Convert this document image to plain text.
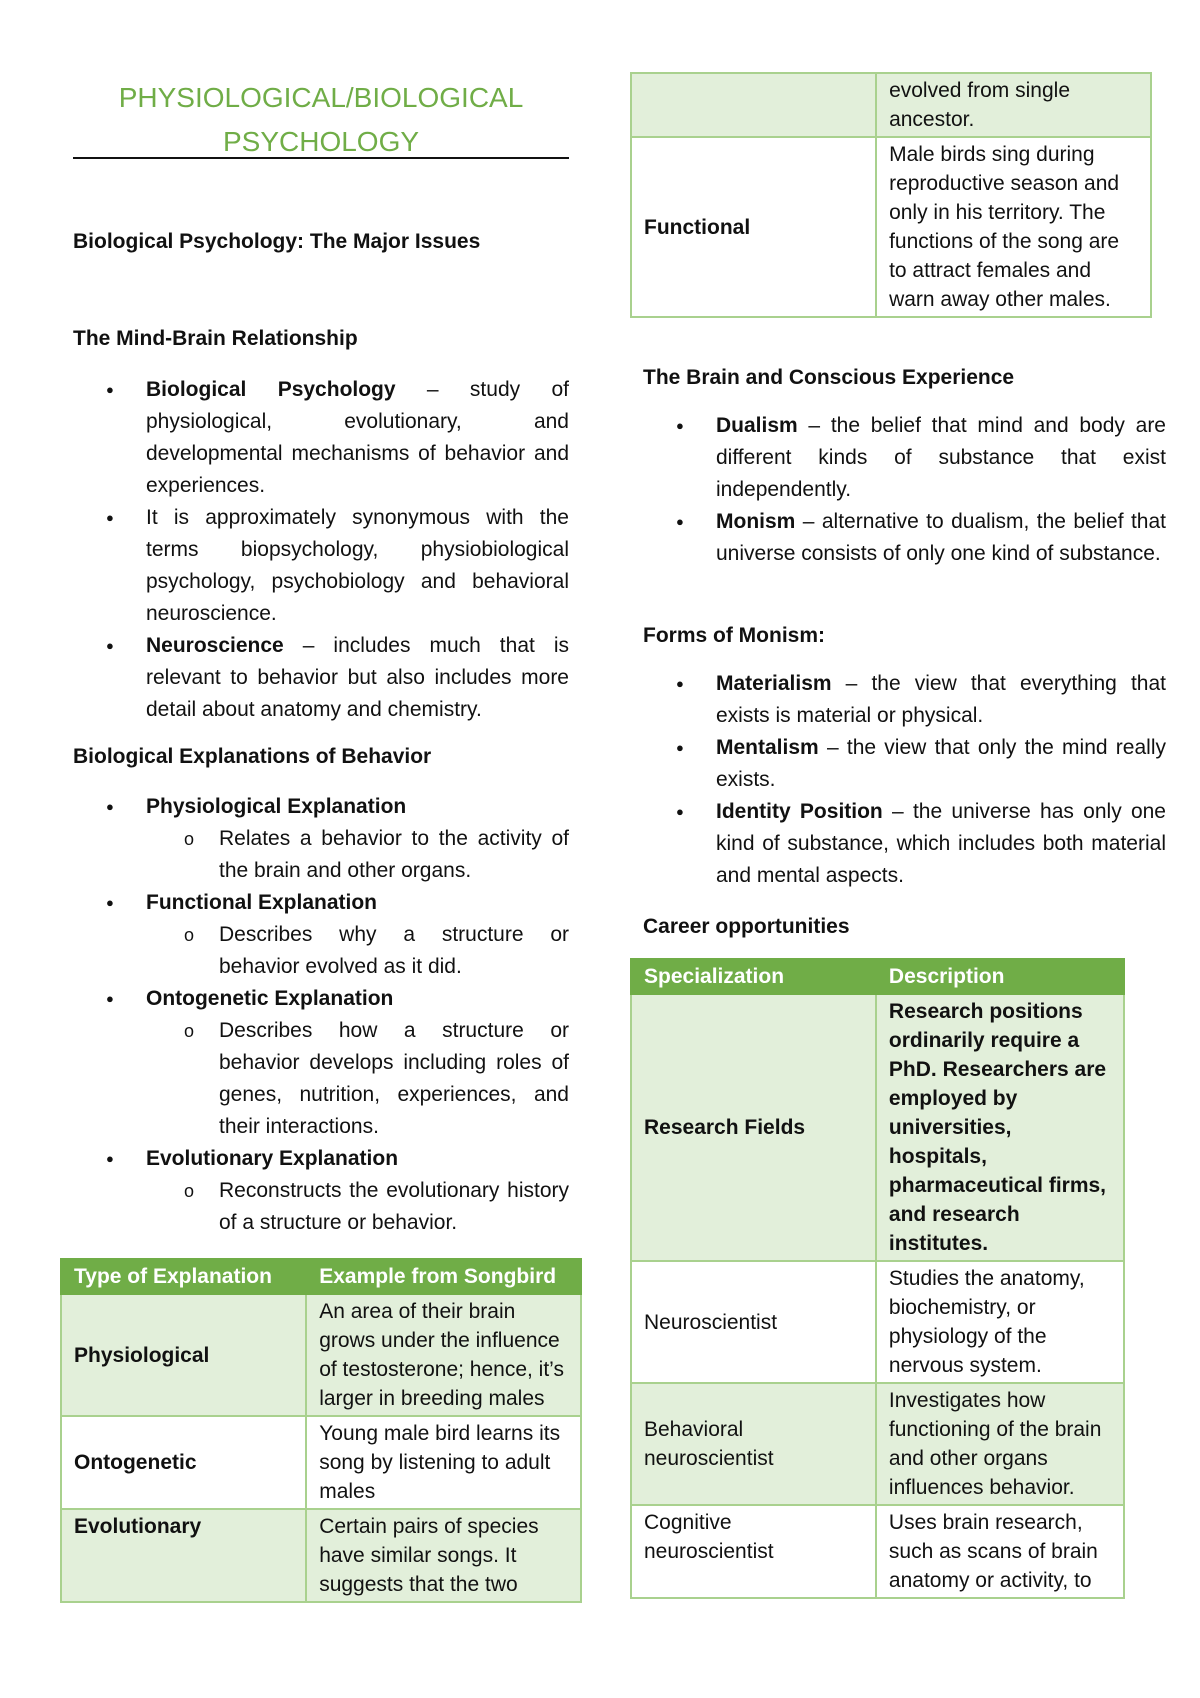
PHYSIOLOGICAL/BIOLOGICAL
PSYCHOLOGY
Biological Psychology: The Major Issues
The Mind-Brain Relationship
● Biological Psychology – study of physiological, evolutionary, and developmental mechanisms of behavior and experiences.
● It is approximately synonymous with the terms biopsychology, physiobiological psychology, psychobiology and behavioral neuroscience.
● Neuroscience – includes much that is relevant to behavior but also includes more detail about anatomy and chemistry.
Biological Explanations of Behavior
● Physiological Explanation
o Relates a behavior to the activity of the brain and other organs.
● Functional Explanation
o Describes why a structure or behavior evolved as it did.
● Ontogenetic Explanation
o Describes how a structure or behavior develops including roles of genes, nutrition, experiences, and their interactions.
● Evolutionary Explanation
o Reconstructs the evolutionary history of a structure or behavior.
Type of Explanation	Example from Songbird
Physiological	An area of their brain grows under the influence of testosterone; hence, it’s larger in breeding males
Ontogenetic	Young male bird learns its song by listening to adult males
Evolutionary	Certain pairs of species have similar songs. It suggests that the two
	evolved from single ancestor.
Functional	Male birds sing during reproductive season and only in his territory. The functions of the song are to attract females and warn away other males.
The Brain and Conscious Experience
● Dualism – the belief that mind and body are different kinds of substance that exist independently.
● Monism – alternative to dualism, the belief that universe consists of only one kind of substance.
Forms of Monism:
● Materialism – the view that everything that exists is material or physical.
● Mentalism – the view that only the mind really exists.
● Identity Position – the universe has only one kind of substance, which includes both material and mental aspects.
Career opportunities
Specialization	Description
Research Fields	Research positions ordinarily require a PhD. Researchers are employed by universities, hospitals, pharmaceutical firms, and research institutes.
Neuroscientist	Studies the anatomy, biochemistry, or physiology of the nervous system.
Behavioral neuroscientist	Investigates how functioning of the brain and other organs influences behavior.
Cognitive neuroscientist	Uses brain research, such as scans of brain anatomy or activity, to
